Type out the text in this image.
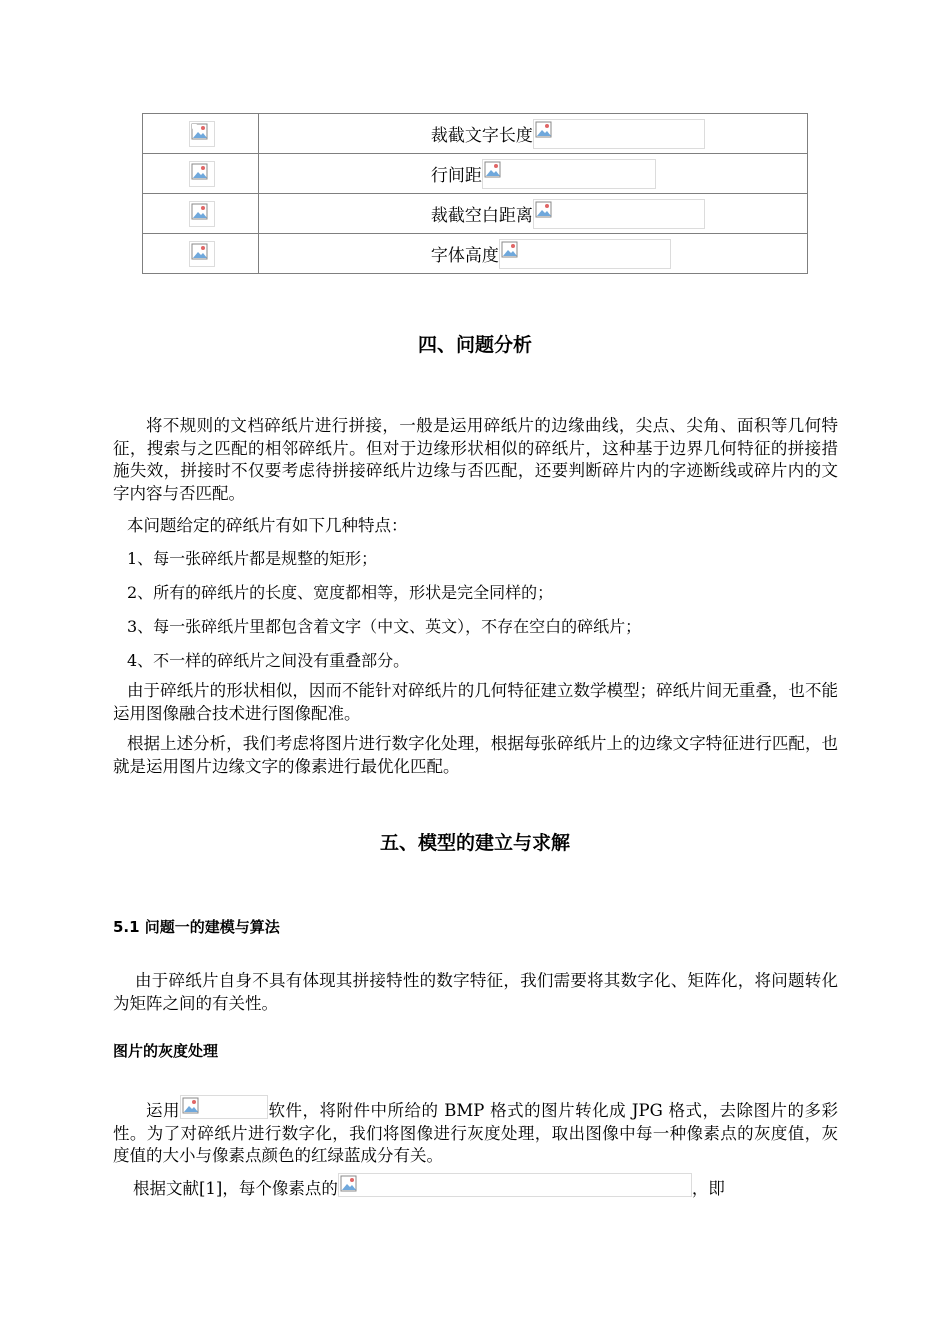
	裁截文字长度

	行间距

	裁截空白距离

	字体高度
四、问题分析

将不规则的文档碎纸片进行拼接，一般是运用碎纸片的边缘曲线，尖点、尖角、面积等几何特征，搜索与之匹配的相邻碎纸片。但对于边缘形状相似的碎纸片，这种基于边界几何特征的拼接措施失效，拼接时不仅要考虑待拼接碎纸片边缘与否匹配，还要判断碎片内的字迹断线或碎片内的文字内容与否匹配。

本问题给定的碎纸片有如下几种特点：

1、每一张碎纸片都是规整的矩形；

2、所有的碎纸片的长度、宽度都相等，形状是完全同样的；

3、每一张碎纸片里都包含着文字（中文、英文），不存在空白的碎纸片；

4、不一样的碎纸片之间没有重叠部分。

由于碎纸片的形状相似，因而不能针对碎纸片的几何特征建立数学模型；碎纸片间无重叠，也不能运用图像融合技术进行图像配准。

根据上述分析，我们考虑将图片进行数字化处理，根据每张碎纸片上的边缘文字特征进行匹配，也就是运用图片边缘文字的像素进行最优化匹配。

五、模型的建立与求解
5.1 问题一的建模与算法

由于碎纸片自身不具有体现其拼接特性的数字特征，我们需要将其数字化、矩阵化，将问题转化为矩阵之间的有关性。

图片的灰度处理

运用	软件，将附件中所给的 BMP 格式的图片转化成 JPG 格式，去除图片的多彩性。为了对碎纸片进行数字化，我们将图像进行灰度处理，取出图像中每一种像素点的灰度值，灰度值的大小与像素点颜色的红绿蓝成分有关。

根据文献[1]，每个像素点的	，即
